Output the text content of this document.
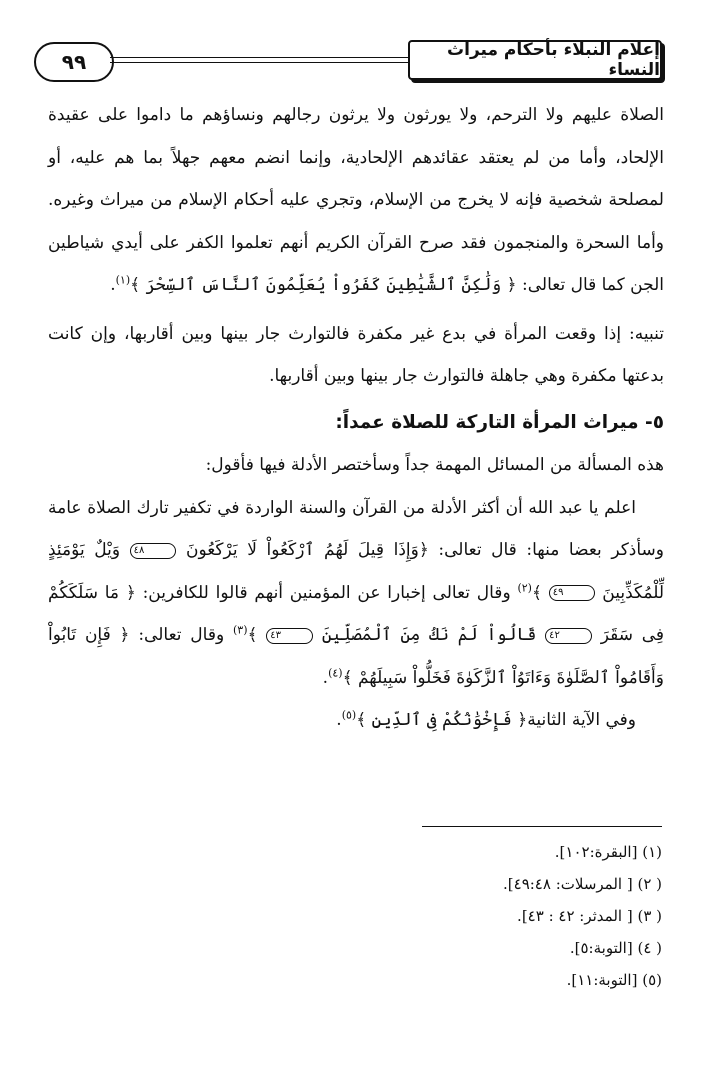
٩٩	إعلام النبلاء بأحكام ميراث النساء

الصلاة عليهم ولا الترحم، ولا يورثون ولا يرثون رجالهم ونساؤهم ما داموا على عقيدة الإلحاد، وأما من لم يعتقد عقائدهم الإلحادية، وإنما انضم معهم جهلاً بما هم عليه، أو لمصلحة شخصية فإنه لا يخرج من الإسلام، وتجري عليه أحكام الإسلام من ميراث وغيره. وأما السحرة والمنجمون فقد صرح القرآن الكريم أنهم تعلموا الكفر على أيدي شياطين الجن كما قال تعالى: ﴿ وَلَٰكِنَّ ٱلشَّيَٰطِينَ كَفَرُواْ يُعَلِّمُونَ ٱلنَّاسَ ٱلسِّحْرَ ﴾$^{(١)}$.

تنبيه: إذا وقعت المرأة في بدع غير مكفرة فالتوارث جار بينها وبين أقاربها، وإن كانت بدعتها مكفرة وهي جاهلة فالتوارث جار بينها وبين أقاربها.

٥- ميراث المرأة التاركة للصلاة عمداً:

هذه المسألة من المسائل المهمة جداً وسأختصر الأدلة فيها فأقول:

اعلم يا عبد الله أن أكثر الأدلة من القرآن والسنة الواردة في تكفير تارك الصلاة عامة وسأذكر بعضا منها: قال تعالى: ﴿وَإِذَا قِيلَ لَهُمُ ٱرْكَعُواْ لَا يَرْكَعُونَ ٤٨ وَيْلٌ يَوْمَئِذٍ لِّلْمُكَذِّبِينَ ٤٩ ﴾$^{(٢)}$ وقال تعالى إخبارا عن المؤمنين أنهم قالوا للكافرين: ﴿ مَا سَلَكَكُمْ فِى سَقَرَ ٤٢ قَالُواْ لَمْ نَكُ مِنَ ٱلْمُصَلِّينَ ٤٣ ﴾$^{(٣)}$ وقال تعالى: ﴿ فَإِن تَابُواْ وَأَقَامُواْ ٱلصَّلَوٰةَ وَءَاتَوُاْ ٱلزَّكَوٰةَ فَخَلُّواْ سَبِيلَهُمْ ﴾$^{(٤)}$.

وفي الآية الثانية﴿ فَإِخْوَٰنُكُمْ فِى ٱلدِّينِ ﴾$^{(٥)}$.

(١) [البقرة:١٠٢].
( ٢) [ المرسلات: ٤٩:٤٨].
( ٣) [ المدثر: ٤٢ : ٤٣].
( ٤) [التوبة:٥].
(٥) [التوبة:١١].
